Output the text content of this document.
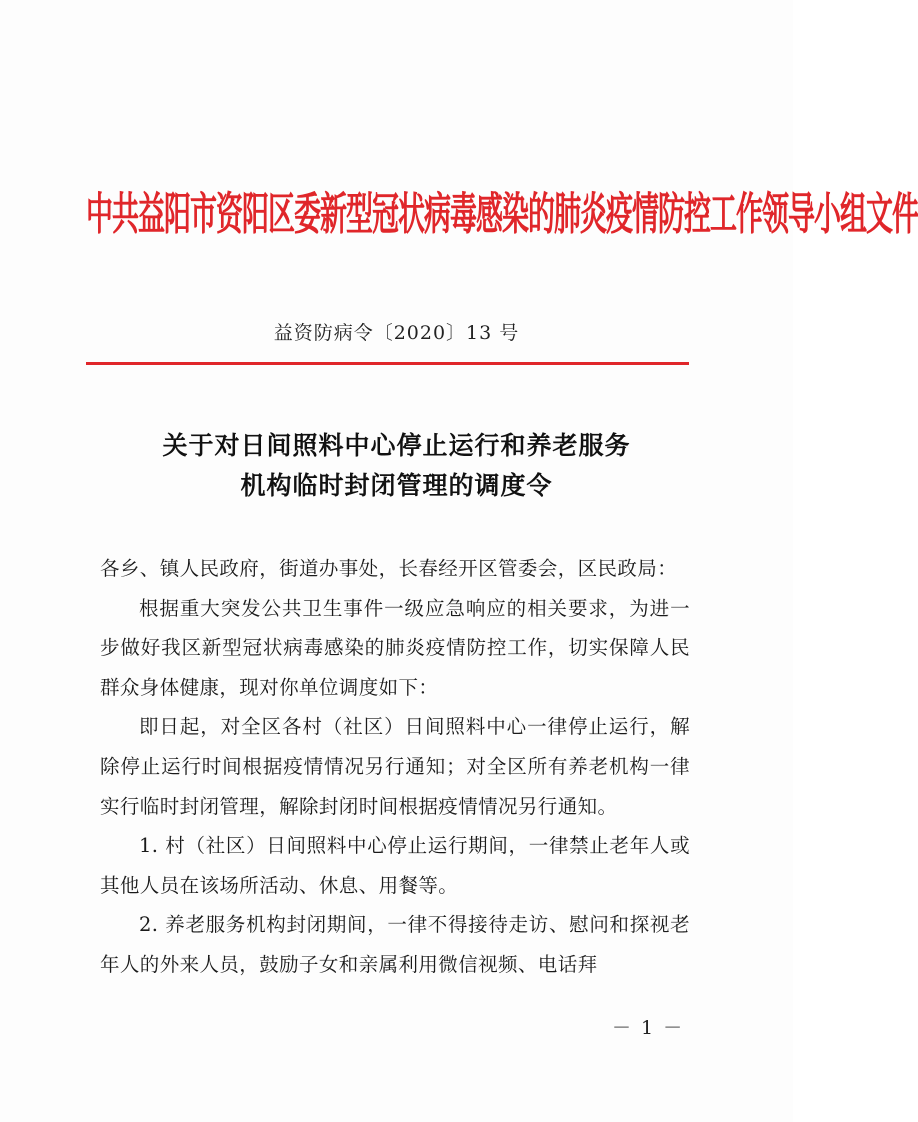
中共益阳市资阳区委新型冠状病毒感染的肺炎疫情防控工作领导小组文件
益资防病令〔2020〕13 号
关于对日间照料中心停止运行和养老服务
机构临时封闭管理的调度令

各乡、镇人民政府，街道办事处，长春经开区管委会，区民政局：

根据重大突发公共卫生事件一级应急响应的相关要求，为进一步做好我区新型冠状病毒感染的肺炎疫情防控工作，切实保障人民群众身体健康，现对你单位调度如下：

即日起，对全区各村（社区）日间照料中心一律停止运行，解除停止运行时间根据疫情情况另行通知；对全区所有养老机构一律实行临时封闭管理，解除封闭时间根据疫情情况另行通知。

1. 村（社区）日间照料中心停止运行期间，一律禁止老年人或其他人员在该场所活动、休息、用餐等。

2. 养老服务机构封闭期间，一律不得接待走访、慰问和探视老年人的外来人员，鼓励子女和亲属利用微信视频、电话拜

－ 1 －
